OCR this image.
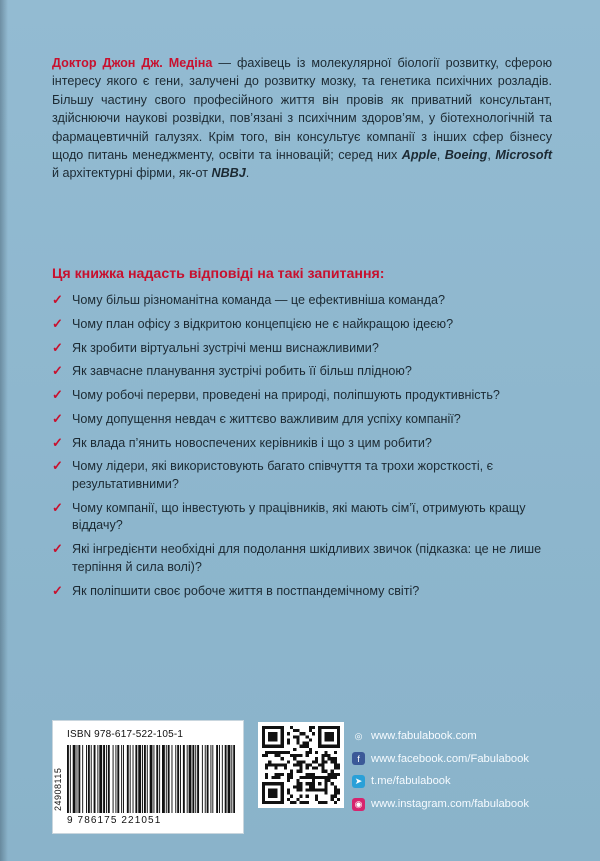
Доктор Джон Дж. Медіна — фахівець із молекулярної біології розвитку, сферою інтересу якого є гени, залучені до розвитку мозку, та генетика психічних розладів. Більшу частину свого професійного життя він провів як приватний консультант, здійснюючи наукові розвідки, пов’язані з психічним здоров’ям, у біотехнологічній та фармацевтичній галузях. Крім того, він консультує компанії з інших сфер бізнесу щодо питань менеджменту, освіти та інновацій; серед них Apple, Boeing, Microsoft й архітектурні фірми, як-от NBBJ.
Ця книжка надасть відповіді на такі запитання:
✓ Чому більш різноманітна команда — це ефективніша команда?
✓ Чому план офісу з відкритою концепцією не є найкращою ідеєю?
✓ Як зробити віртуальні зустрічі менш виснажливими?
✓ Як завчасне планування зустрічі робить її більш плідною?
✓ Чому робочі перерви, проведені на природі, поліпшують продуктивність?
✓ Чому допущення невдач є життєво важливим для успіху компанії?
✓ Як влада п’янить новоспечених керівників і що з цим робити?
✓ Чому лідери, які використовують багато співчуття та трохи жорсткості, є результативними?
✓ Чому компанії, що інвестують у працівників, які мають сім’ї, отримують кращу віддачу?
✓ Які інгредієнти необхідні для подолання шкідливих звичок (підказка: це не лише терпіння й сила волі)?
✓ Як поліпшити своє робоче життя в постпандемічному світі?
24908115
ISBN 978-617-522-105-1
9 786175 221051
◎ www.fabulabook.com
f	www.facebook.com/Fabulabook
➤ t.me/fabulabook
◉ www.instagram.com/fabulabook
